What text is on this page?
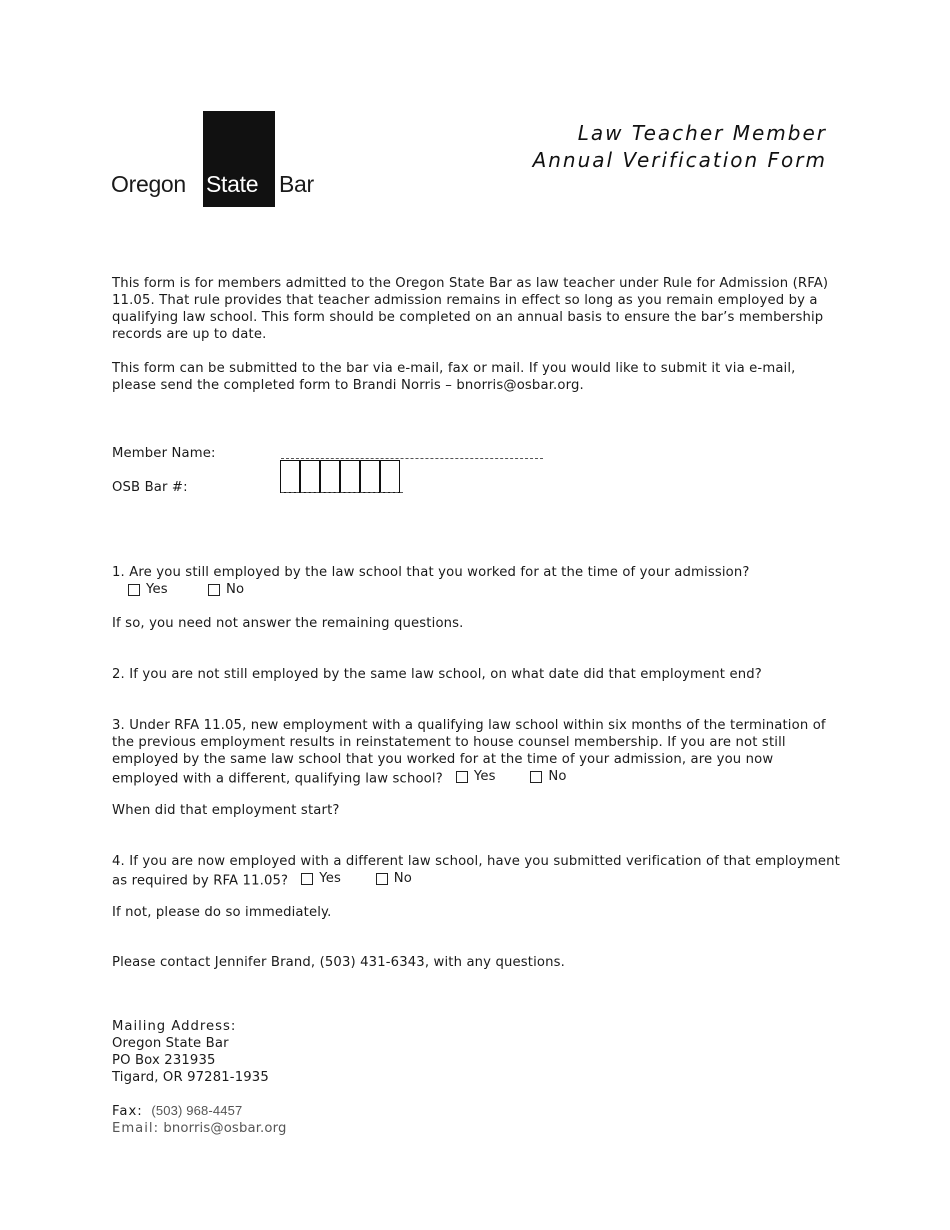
Oregon State Bar
Law Teacher Member
Annual Verification Form

This form is for members admitted to the Oregon State Bar as law teacher under Rule for Admission (RFA) 11.05. That rule provides that teacher admission remains in effect so long as you remain employed by a qualifying law school. This form should be completed on an annual basis to ensure the bar’s membership records are up to date.

This form can be submitted to the bar via e-mail, fax or mail. If you would like to submit it via e-mail, please send the completed form to Brandi Norris – bnorris@osbar.org.

Member Name:
OSB Bar #:

1. Are you still employed by the law school that you worked for at the time of your admission?

Yes	No
If so, you need not answer the remaining questions.

2. If you are not still employed by the same law school, on what date did that employment end?

3. Under RFA 11.05, new employment with a qualifying law school within six months of the termination of the previous employment results in reinstatement to house counsel membership. If you are not still employed by the same law school that you worked for at the time of your admission, are you now employed with a different, qualifying law school? Yes
	No

When did that employment start?

4. If you are now employed with a different law school, have you submitted verification of that employment as required by RFA 11.05? Yes
	No

If not, please do so immediately.
Please contact Jennifer Brand, (503) 431-6343, with any questions.
Mailing Address:
Oregon State Bar
PO Box 231935
Tigard, OR 97281-1935
Fax: (503) 968-4457
Email: bnorris@osbar.org
